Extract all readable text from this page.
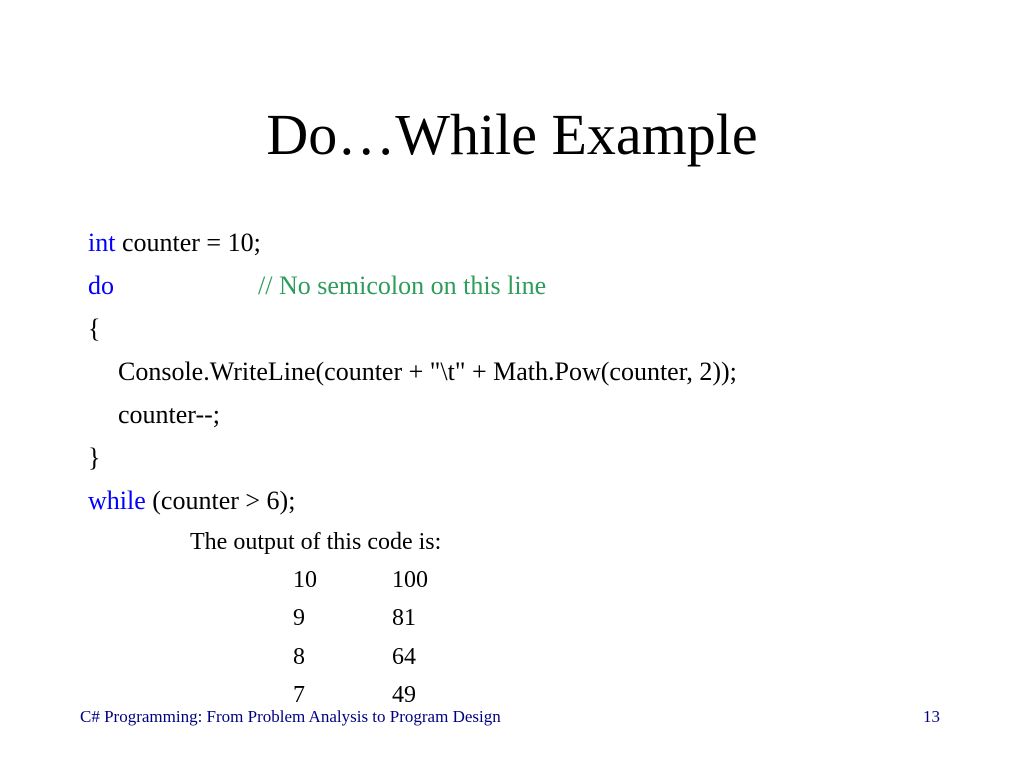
Do…While Example
int counter = 10;
do	// No semicolon on this line
{
Console.WriteLine(counter + "\t" + Math.Pow(counter, 2));
counter--;
}
while (counter > 6);
The output of this code is:
10	100
9	81
8	64
7	49
C# Programming: From Problem Analysis to Program Design	13
